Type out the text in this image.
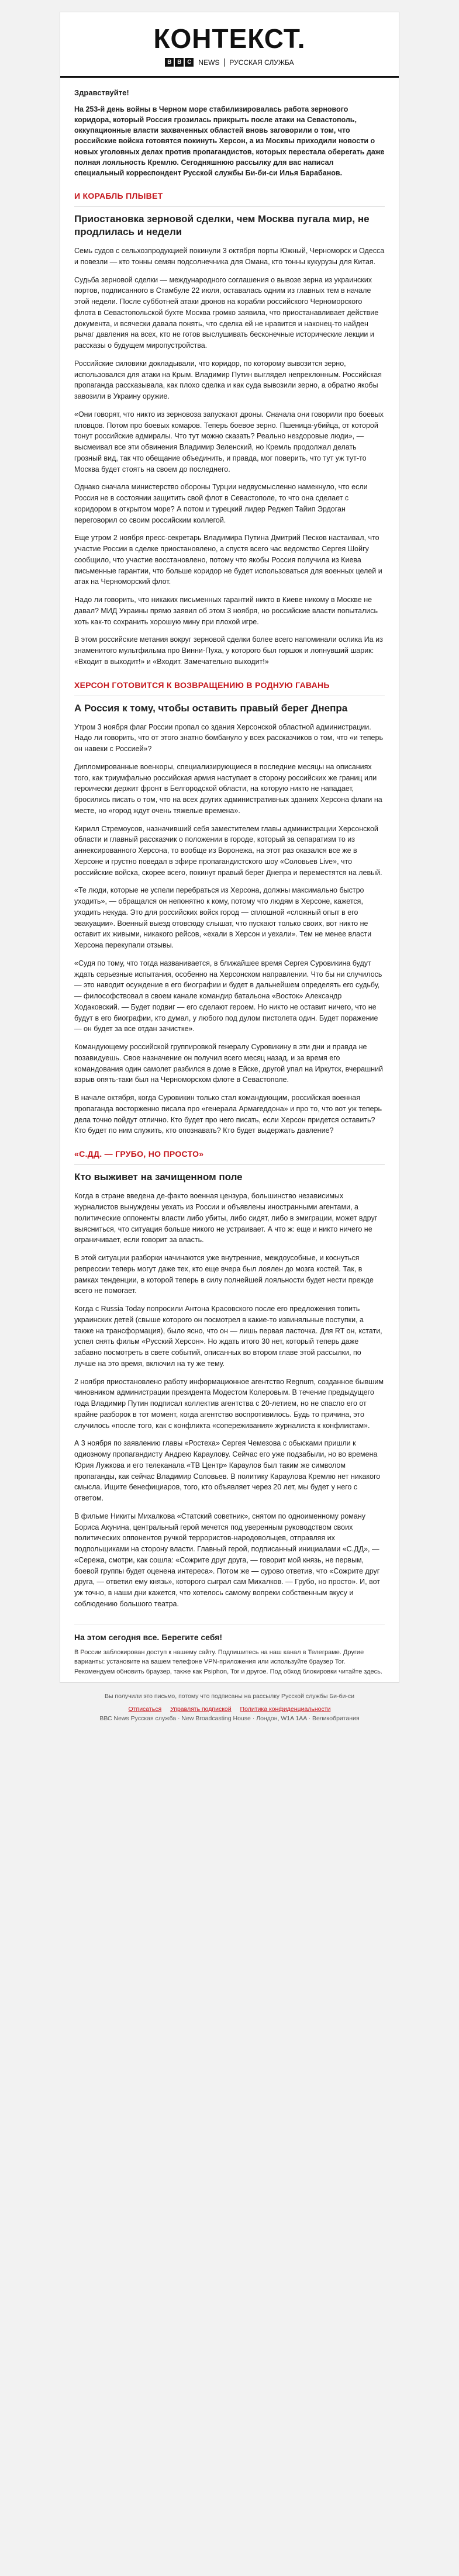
КОНТЕКСТ.
B B C NEWS РУССКАЯ СЛУЖБА
Здравствуйте!
На 253-й день войны в Черном море стабилизировалась работа зернового коридора, который Россия грозилась прикрыть после атаки на Севастополь, оккупационные власти захваченных областей вновь заговорили о том, что российские войска готовятся покинуть Херсон, а из Москвы приходили новости о новых уголовных делах против пропагандистов, которых перестала оберегать даже полная лояльность Кремлю. Сегодняшнюю рассылку для вас написал специальный корреспондент Русской службы Би-би-си Илья Барабанов.
И КОРАБЛЬ ПЛЫВЕТ
Приостановка зерновой сделки, чем Москва пугала мир, не продлилась и недели

Семь судов с сельхозпродукцией покинули 3 октября порты Южный, Черноморск и Одесса и повезли — кто тонны семян подсолнечника для Омана, кто тонны кукурузы для Китая.

Судьба зерновой сделки — международного соглашения о вывозе зерна из украинских портов, подписанного в Стамбуле 22 июля, оставалась одним из главных тем в начале этой недели. После субботней атаки дронов на корабли российского Черноморского флота в Севастопольской бухте Москва громко заявила, что приостанавливает действие документа, и всячески давала понять, что сделка ей не нравится и наконец-то найден рычаг давления на всех, кто не готов выслушивать бесконечные исторические лекции и рассказы о будущем миропустройства.

Российские силовики докладывали, что коридор, по которому вывозится зерно, использовался для атаки на Крым. Владимир Путин выглядел непреклонным. Российская пропаганда рассказывала, как плохо сделка и как суда вывозили зерно, а обратно якобы завозили в Украину оружие.

«Они говорят, что никто из зерновоза запускают дроны. Сначала они говорили про боевых пловцов. Потом про боевых комаров. Теперь боевое зерно. Пшеница-убийца, от которой тонут российские адмиралы. Что тут можно сказать? Реально нездоровые люди», — высмеивал все эти обвинения Владимир Зеленский, но Кремль продолжал делать грозный вид, так что обещание объединить, и правда, мог поверить, что тут уж тут-то Москва будет стоять на своем до последнего.

Однако сначала министерство обороны Турции недвусмысленно намекнуло, что если Россия не в состоянии защитить свой флот в Севастополе, то что она сделает с коридором в открытом море? А потом и турецкий лидер Реджеп Тайип Эрдоган переговорил со своим российским коллегой.

Еще утром 2 ноября пресс-секретарь Владимира Путина Дмитрий Песков настаивал, что участие России в сделке приостановлено, а спустя всего час ведомство Сергея Шойгу сообщило, что участие восстановлено, потому что якобы Россия получила из Киева письменные гарантии, что больше коридор не будет использоваться для военных целей и атак на Черноморский флот.

Надо ли говорить, что никаких письменных гарантий никто в Киеве никому в Москве не давал? МИД Украины прямо заявил об этом 3 ноября, но российские власти попытались хоть как-то сохранить хорошую мину при плохой игре.

В этом российские метания вокруг зерновой сделки более всего напоминали ослика Иа из знаменитого мультфильма про Винни-Пуха, у которого был горшок и лопнувший шарик: «Входит в выходит!» и «Входит. Замечательно выходит!»

ХЕРСОН ГОТОВИТСЯ К ВОЗВРАЩЕНИЮ В РОДНУЮ ГАВАНЬ
А Россия к тому, чтобы оставить правый берег Днепра

Утром 3 ноября флаг России пропал со здания Херсонской областной администрации. Надо ли говорить, что от этого знатно бомбануло у всех рассказчиков о том, что «и теперь он навеки с Россией»?

Дипломированные военкоры, специализирующиеся в последние месяцы на описаниях того, как триумфально российская армия наступает в сторону российских же границ или героически держит фронт в Белгородской области, на которую никто не нападает, бросились писать о том, что на всех других административных зданиях Херсона флаги на месте, но «город ждут очень тяжелые времена».

Кирилл Стремоусов, назначивший себя заместителем главы администрации Херсонской области и главный рассказчик о положении в городе, который за сепаратизм то из аннексированного Херсона, то вообще из Воронежа, на этот раз оказался все же в Херсоне и грустно поведал в эфире пропагандистского шоу «Соловьев Live», что российские войска, скорее всего, покинут правый берег Днепра и переместятся на левый.

«Те люди, которые не успели перебраться из Херсона, должны максимально быстро уходить», — обращался он непонятно к кому, потому что людям в Херсоне, кажется, уходить некуда. Это для российских войск город — сплошной «сложный опыт в его эвакуации». Военный выезд отовсюду слышат, что пускают только своих, вот никто не оставит их живыми, никакого рейсов, «ехали в Херсон и уехали». Тем не менее власти Херсона перекупали отзывы.

«Судя по тому, что тогда названивается, в ближайшее время Сергея Суровикина будут ждать серьезные испытания, особенно на Херсонском направлении. Что бы ни случилось — это наводит осуждение в его биографии и будет в дальнейшем определять его судьбу, — философствовал в своем канале командир батальона «Восток» Александр Ходаковский. — Будет подвиг — его сделают героем. Но никто не оставит ничего, что не будут в его биографии, кто думал, у любого под дулом пистолета один. Будет поражение — он будет за все отдан зачистке».

Командующему российской группировкой генералу Суровикину в эти дни и правда не позавидуешь. Свое назначение он получил всего месяц назад, и за время его командования один самолет разбился в доме в Ейске, другой упал на Иркутск, вчерашний взрыв опять-таки был на Черноморском флоте в Севастополе.

В начале октября, когда Суровикин только стал командующим, российская военная пропаганда восторженно писала про «генерала Армагеддона» и про то, что вот уж теперь дела точно пойдут отлично. Кто будет про него писать, если Херсон придется оставить? Кто будет по ним служить, кто опознавать? Кто будет выдержать давление?

«С.ДД. — ГРУБО, НО ПРОСТО»
Кто выживет на зачищенном поле

Когда в стране введена де-факто военная цензура, большинство независимых журналистов вынуждены уехать из России и объявлены иностранными агентами, а политические оппоненты власти либо убиты, либо сидят, либо в эмиграции, может вдруг выясниться, что ситуация больше никого не устраивает. А что ж: еще и никто ничего не ограничивает, если говорит за власть.

В этой ситуации разборки начинаются уже внутренние, междоусобные, и коснуться репрессии теперь могут даже тех, кто еще вчера был лоялен до мозга костей. Так, в рамках тенденции, в которой теперь в силу полнейшей лояльности будет нести прежде всего не помогает.

Когда с Russia Today попросили Антона Красовского после его предложения топить украинских детей (свыше которого он посмотрел в какие-то извиняльные поступки, а также на трансформация), было ясно, что он — лишь первая ласточка. Для RT он, кстати, успел снять фильм «Русский Херсон». Но ждать итого 30 нет, который теперь даже забавно посмотреть в свете событий, описанных во втором главе этой рассылки, по лучше на это время, включил на ту же тему.

2 ноября приостановлено работу информационное агентство Regnum, созданное бывшим чиновником администрации президента Модестом Колеровым. В течение предыдущего года Владимир Путин подписал коллектив агентства с 20-летием, но не спасло его от крайне разборок в тот момент, когда агентство воспротивилось. Будь то причина, это случилось «после того, как с конфликта «сопереживания» журналиста к конфликтам».

А 3 ноября по заявлению главы «Ростеха» Сергея Чемезова с обысками пришли к одиозному пропагандисту Андрею Караулову. Сейчас его уже подзабыли, но во времена Юрия Лужкова и его телеканала «ТВ Центр» Караулов был таким же символом пропаганды, как сейчас Владимир Соловьев. В политику Караулова Кремлю нет никакого смысла. Ищите бенефициаров, того, кто объявляет через 20 лет, мы будет у него с ответом.

В фильме Никиты Михалкова «Статский советник», снятом по одноименному роману Бориса Акунина, центральный герой мечется под уверенным руководством своих политических оппонентов ручкой террористов-народовольцев, отправляя их подпольщиками на сторону власти. Главный герой, подписанный инициалами «С.ДД», — «Сережа, смотри, как сошла: «Сожрите друг друга, — говорит мой князь, не первым, боевой группы будет оценена интереса». Потом же — сурово ответив, что «Сожрите друг друга, — ответил ему князь», которого сыграл сам Михалков. — Грубо, но просто». И, вот уж точно, в наши дни кажется, что хотелось самому вопреки собственным вкусу и соблюдению большого театра.

На этом сегодня все. Берегите себя!
В России заблокирован доступ к нашему сайту. Подпишитесь на наш канал в Телеграме. Другие варианты: установите на вашем телефоне VPN-приложения или используйте браузер Tor. Рекомендуем обновить браузер, также как Psiphon, Tor и другое. Под обход блокировки читайте здесь.
Вы получили это письмо, потому что подписаны на рассылку Русской службы Би-би-си
Отписаться Управлять подпиской Политика конфиденциальности
ВВС News Русская служба · New Broadcasting House · Лондон, W1A 1AA · Великобритания
